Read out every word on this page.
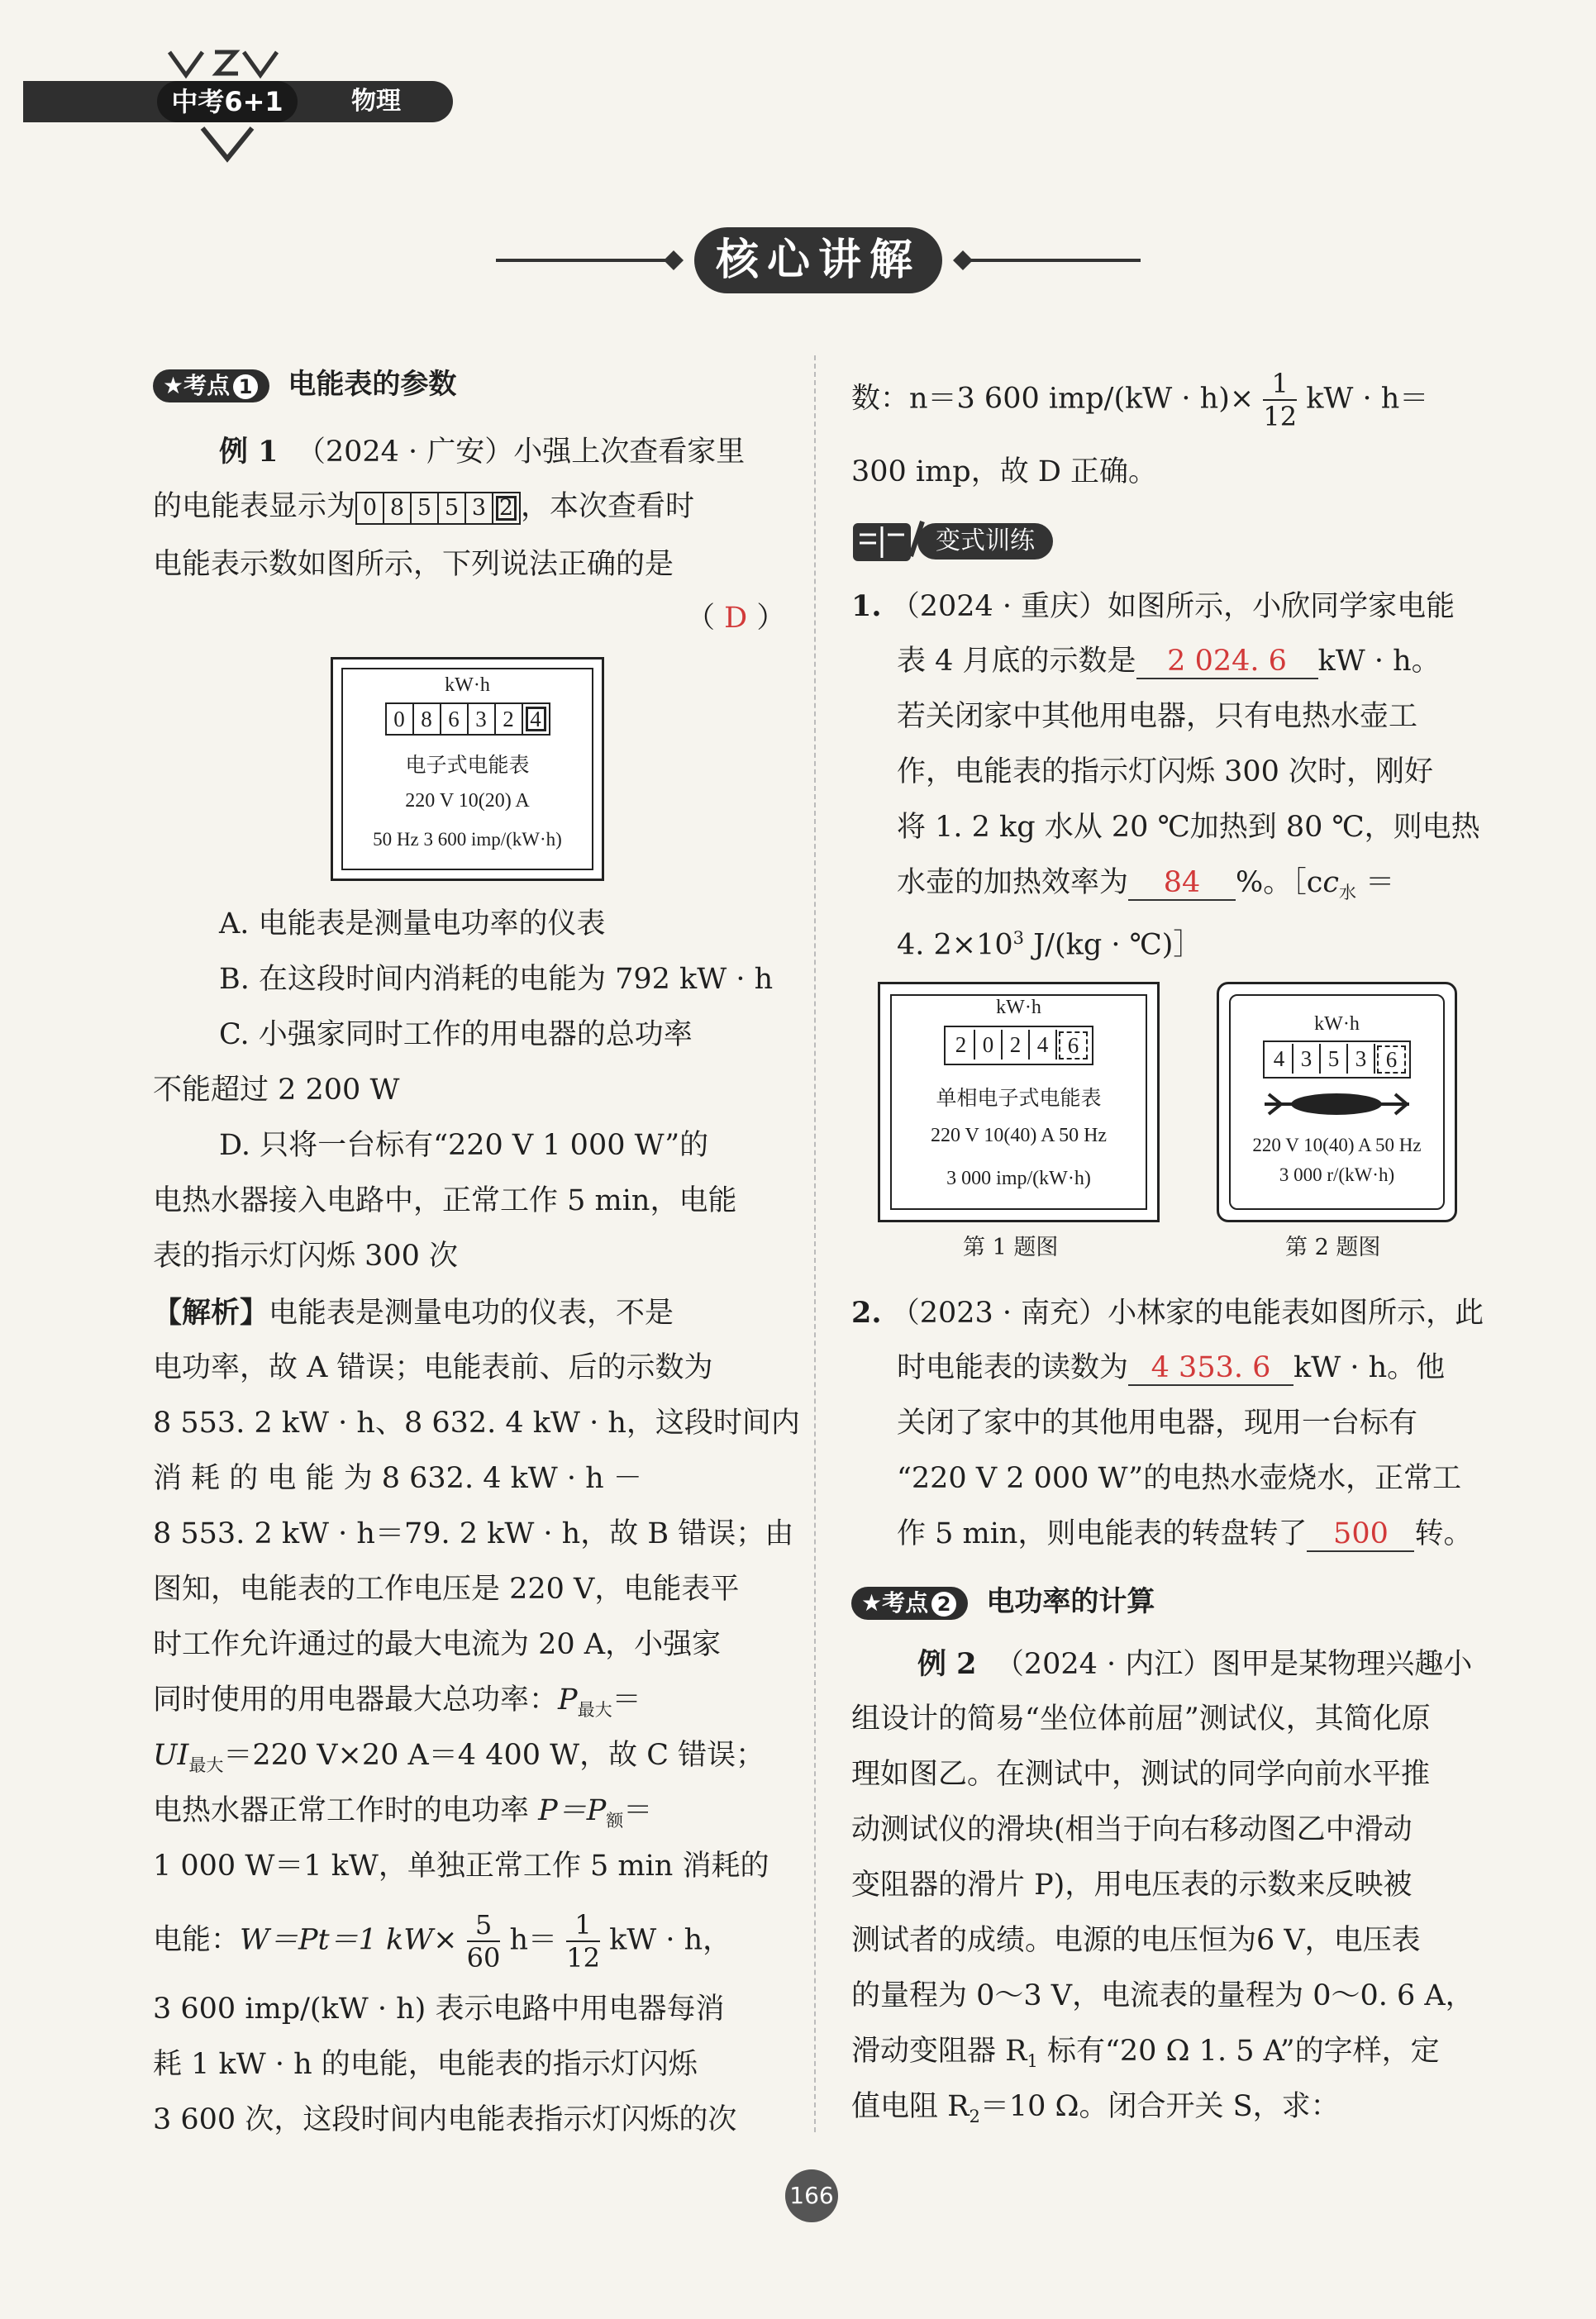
中考6+1	物理
核心讲解
★考点 1 电能表的参数
例 1 （2024 · 广安）小强上次查看家里
的电能表显示为 0 8 5 5 3 2 ，本次查看时
电能表示数如图所示，下列说法正确的是
（ D ）
kW·h
0 8 6 3 2 4
电子式电能表
220 V 10(20) A
50 Hz 3 600 imp/(kW·h)
A. 电能表是测量电功率的仪表
B. 在这段时间内消耗的电能为 792 kW · h
C. 小强家同时工作的用电器的总功率
不能超过 2 200 W
D. 只将一台标有“220 V 1 000 W”的
电热水器接入电路中，正常工作 5 min，电能
表的指示灯闪烁 300 次
【解析】电能表是测量电功的仪表，不是
电功率，故 A 错误；电能表前、后的示数为
8 553. 2 kW · h、8 632. 4 kW · h，这段时间内
消 耗 的 电 能 为 8 632. 4 kW · h －
8 553. 2 kW · h＝79. 2 kW · h，故 B 错误；由
图知，电能表的工作电压是 220 V，电能表平
时工作允许通过的最大电流为 20 A，小强家
同时使用的用电器最大总功率：$P_{最大}=$
$UI_{最大}=220$ V×20 A＝4 400 W，故 C 错误；
电热水器正常工作时的电功率 $P=P_额=$
1 000 W＝1 kW，单独正常工作 5 min 消耗的
电能：W＝Pt＝1 $kW\times \frac{5}{60} h= \frac{1}{12}$ kW · h，
3 600 imp/(kW · h) 表示电路中用电器每消
耗 1 kW · h 的电能，电能表的指示灯闪烁
3 600 次，这段时间内电能表指示灯闪烁的次
数：n＝3 600 $imp/(kW \cdot h)\times \frac{1}{12}$ kW · h＝
300 imp，故 D 正确。
变式训练
1. （2024 · 重庆）如图所示，小欣同学家电能
表 4 月底的示数是 2 024. 6 kW · h。
若关闭家中其他用电器，只有电热水壶工
作，电能表的指示灯闪烁 300 次时，刚好
将 1. 2 kg 水从 20 ℃加热到 80 ℃，则电热
水壶的加热效率为 84 %。$[cc_水$ ＝
4. $2\times 10^3$ J/(kg · ℃)］
kW·h
2 0 2 4 6
单相电子式电能表
220 V 10(40) A 50 Hz
3 000 imp/(kW·h)
第 1 题图
kW·h
4 3 5 3 6
220 V 10(40) A 50 Hz
3 000 r/(kW·h)
第 2 题图
2. （2023 · 南充）小林家的电能表如图所示，此
时电能表的读数为 4 353. 6 kW · h。他
关闭了家中的其他用电器，现用一台标有
“220 V 2 000 W”的电热水壶烧水，正常工
作 5 min，则电能表的转盘转了 500 转。
★考点 2 电功率的计算
例 2 （2024 · 内江）图甲是某物理兴趣小
组设计的简易“坐位体前屈”测试仪，其简化原
理如图乙。在测试中，测试的同学向前水平推
动测试仪的滑块(相当于向右移动图乙中滑动
变阻器的滑片 P)，用电压表的示数来反映被
测试者的成绩。电源的电压恒为6 V，电压表
的量程为 0～3 V，电流表的量程为 0～0. 6 A，
滑动变阻器 $R_1$ 标有“20 Ω 1. 5 A”的字样，定
值电阻 $R_2=10$ Ω。闭合开关 S，求：
166
